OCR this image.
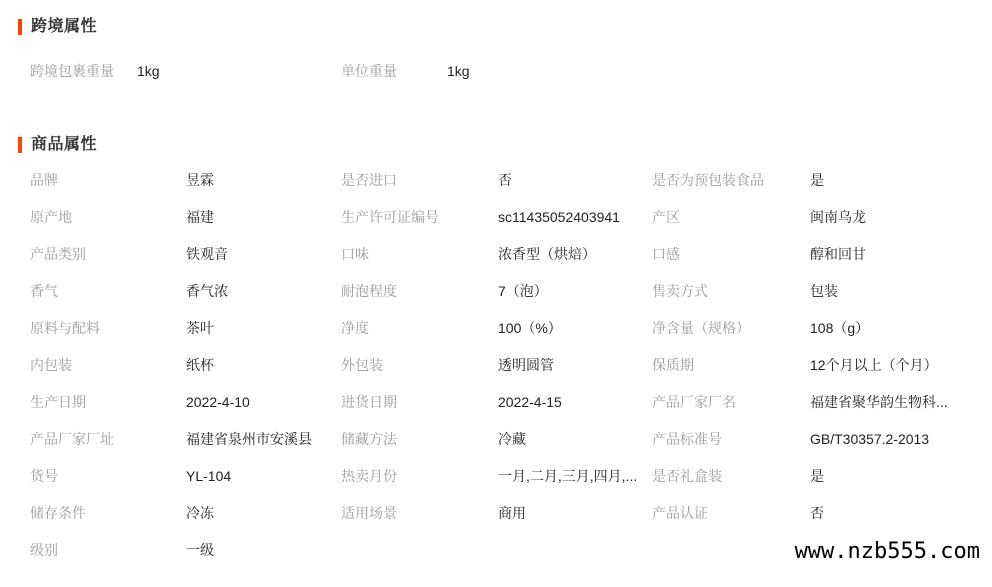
跨境属性
跨境包裹重量	1kg	单位重量	1kg
商品属性
品牌	昱霖	是否进口	否	是否为预包装食品	是
原产地	福建	生产许可证编号	sc11435052403941	产区	闽南乌龙
产品类别	铁观音	口味	浓香型（烘焙）	口感	醇和回甘
香气	香气浓	耐泡程度	7（泡）	售卖方式	包装
原料与配料	茶叶	净度	100（%）	净含量（规格）	108（g）
内包装	纸杯	外包装	透明圆管	保质期	12个月以上（个月）
生产日期	2022-4-10	进货日期	2022-4-15	产品厂家厂名	福建省聚华韵生物科...
产品厂家厂址	福建省泉州市安溪县	储藏方法	冷藏	产品标准号	GB/T30357.2-2013
货号	YL-104	热卖月份	一月,二月,三月,四月,...	是否礼盒装	是
储存条件	冷冻	适用场景	商用	产品认证	否
级别	一级	www.nzb555.com
